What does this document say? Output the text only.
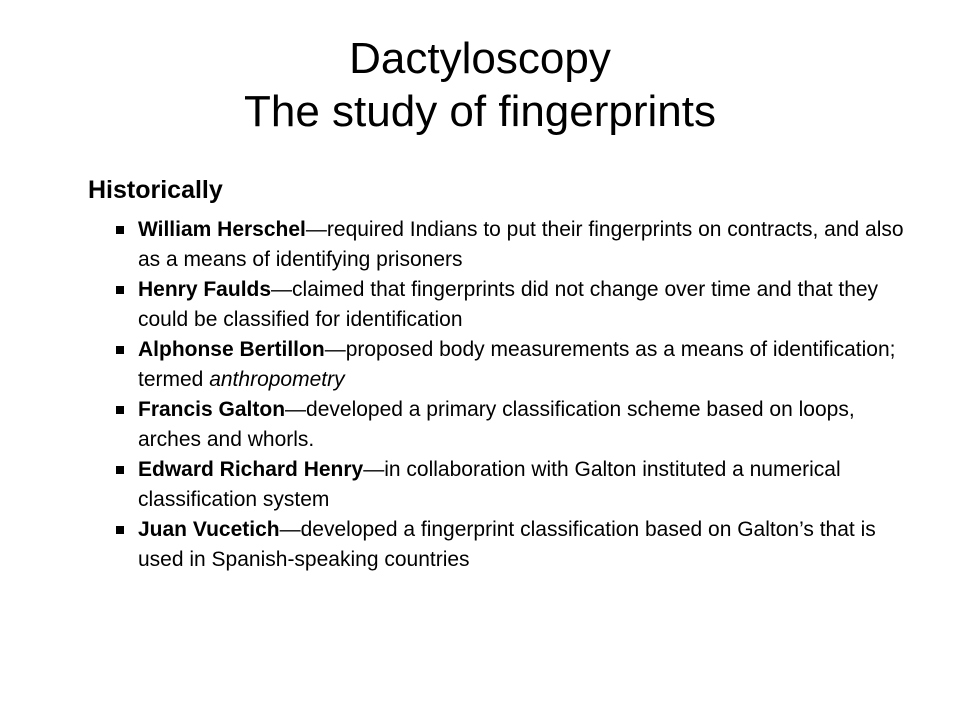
Dactyloscopy
The study of fingerprints
Historically
William Herschel—required Indians to put their fingerprints on contracts, and also as a means of identifying prisoners
Henry Faulds—claimed that fingerprints did not change over time and that they could be classified for identification
Alphonse Bertillon—proposed body measurements as a means of identification; termed anthropometry
Francis Galton—developed a primary classification scheme based on loops, arches and whorls.
Edward Richard Henry—in collaboration with Galton instituted a numerical classification system
Juan Vucetich—developed a fingerprint classification based on Galton’s that is used in Spanish-speaking countries
